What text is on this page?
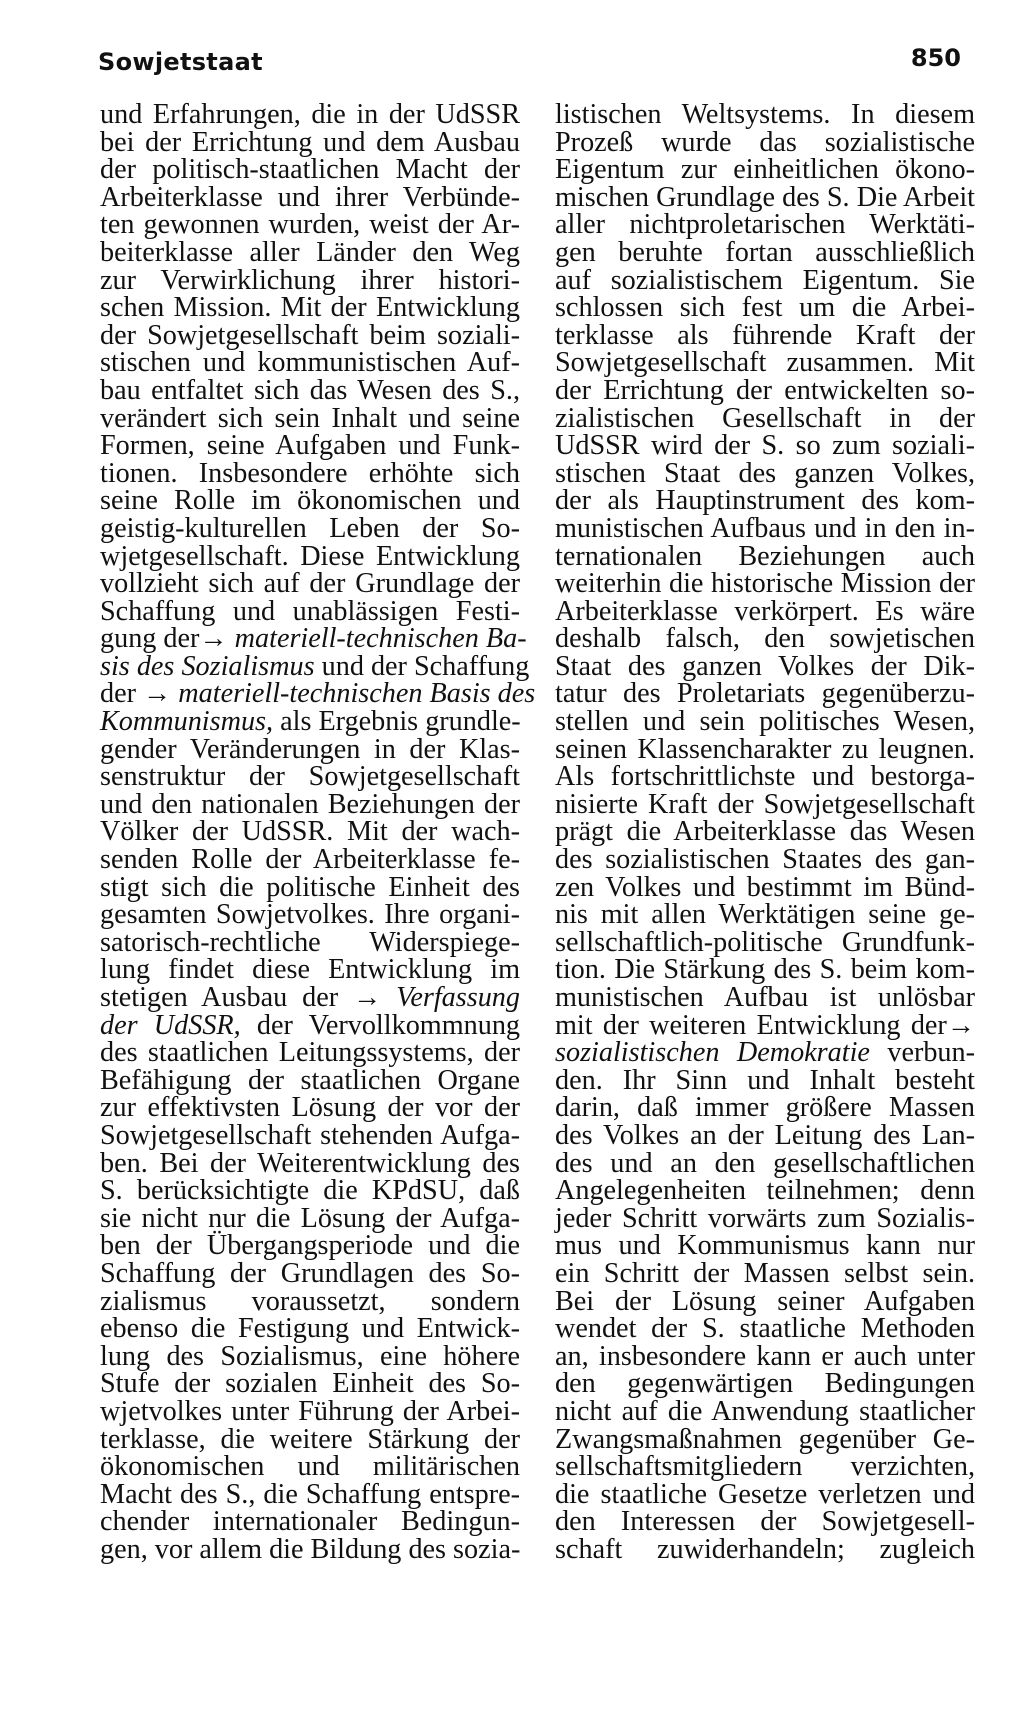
Sowjetstaat	850
und Erfahrungen, die in der UdSSR
bei der Errichtung und dem Ausbau
der politisch-staatlichen Macht der
Arbeiterklasse und ihrer Verbünde-
ten gewonnen wurden, weist der Ar-
beiterklasse aller Länder den Weg
zur Verwirklichung ihrer histori-
schen Mission. Mit der Entwicklung
der Sowjetgesellschaft beim soziali-
stischen und kommunistischen Auf-
bau entfaltet sich das Wesen des S.,
verändert sich sein Inhalt und seine
Formen, seine Aufgaben und Funk-
tionen. Insbesondere erhöhte sich
seine Rolle im ökonomischen und
geistig-kulturellen Leben der So-
wjetgesellschaft. Diese Entwicklung
vollzieht sich auf der Grundlage der
Schaffung und unablässigen Festi-
gung der→ materiell-technischen Ba-
sis des Sozialismus und der Schaffung
der → materiell-technischen Basis des
Kommunismus, als Ergebnis grundle-
gender Veränderungen in der Klas-
senstruktur der Sowjetgesellschaft
und den nationalen Beziehungen der
Völker der UdSSR. Mit der wach-
senden Rolle der Arbeiterklasse fe-
stigt sich die politische Einheit des
gesamten Sowjetvolkes. Ihre organi-
satorisch-rechtliche Widerspiege-
lung findet diese Entwicklung im
stetigen Ausbau der → Verfassung
der UdSSR, der Vervollkommnung
des staatlichen Leitungssystems, der
Befähigung der staatlichen Organe
zur effektivsten Lösung der vor der
Sowjetgesellschaft stehenden Aufga-
ben. Bei der Weiterentwicklung des
S. berücksichtigte die KPdSU, daß
sie nicht nur die Lösung der Aufga-
ben der Übergangsperiode und die
Schaffung der Grundlagen des So-
zialismus voraussetzt, sondern
ebenso die Festigung und Entwick-
lung des Sozialismus, eine höhere
Stufe der sozialen Einheit des So-
wjetvolkes unter Führung der Arbei-
terklasse, die weitere Stärkung der
ökonomischen und militärischen
Macht des S., die Schaffung entspre-
chender internationaler Bedingun-
gen, vor allem die Bildung des sozia-
listischen Weltsystems. In diesem
Prozeß wurde das sozialistische
Eigentum zur einheitlichen ökono-
mischen Grundlage des S. Die Arbeit
aller nichtproletarischen Werktäti-
gen beruhte fortan ausschließlich
auf sozialistischem Eigentum. Sie
schlossen sich fest um die Arbei-
terklasse als führende Kraft der
Sowjetgesellschaft zusammen. Mit
der Errichtung der entwickelten so-
zialistischen Gesellschaft in der
UdSSR wird der S. so zum soziali-
stischen Staat des ganzen Volkes,
der als Hauptinstrument des kom-
munistischen Aufbaus und in den in-
ternationalen Beziehungen auch
weiterhin die historische Mission der
Arbeiterklasse verkörpert. Es wäre
deshalb falsch, den sowjetischen
Staat des ganzen Volkes der Dik-
tatur des Proletariats gegenüberzu-
stellen und sein politisches Wesen,
seinen Klassencharakter zu leugnen.
Als fortschrittlichste und bestorga-
nisierte Kraft der Sowjetgesellschaft
prägt die Arbeiterklasse das Wesen
des sozialistischen Staates des gan-
zen Volkes und bestimmt im Bünd-
nis mit allen Werktätigen seine ge-
sellschaftlich-politische Grundfunk-
tion. Die Stärkung des S. beim kom-
munistischen Aufbau ist unlösbar
mit der weiteren Entwicklung der→
sozialistischen Demokratie verbun-
den. Ihr Sinn und Inhalt besteht
darin, daß immer größere Massen
des Volkes an der Leitung des Lan-
des und an den gesellschaftlichen
Angelegenheiten teilnehmen; denn
jeder Schritt vorwärts zum Sozialis-
mus und Kommunismus kann nur
ein Schritt der Massen selbst sein.
Bei der Lösung seiner Aufgaben
wendet der S. staatliche Methoden
an, insbesondere kann er auch unter
den gegenwärtigen Bedingungen
nicht auf die Anwendung staatlicher
Zwangsmaßnahmen gegenüber Ge-
sellschaftsmitgliedern verzichten,
die staatliche Gesetze verletzen und
den Interessen der Sowjetgesell-
schaft zuwiderhandeln; zugleich
